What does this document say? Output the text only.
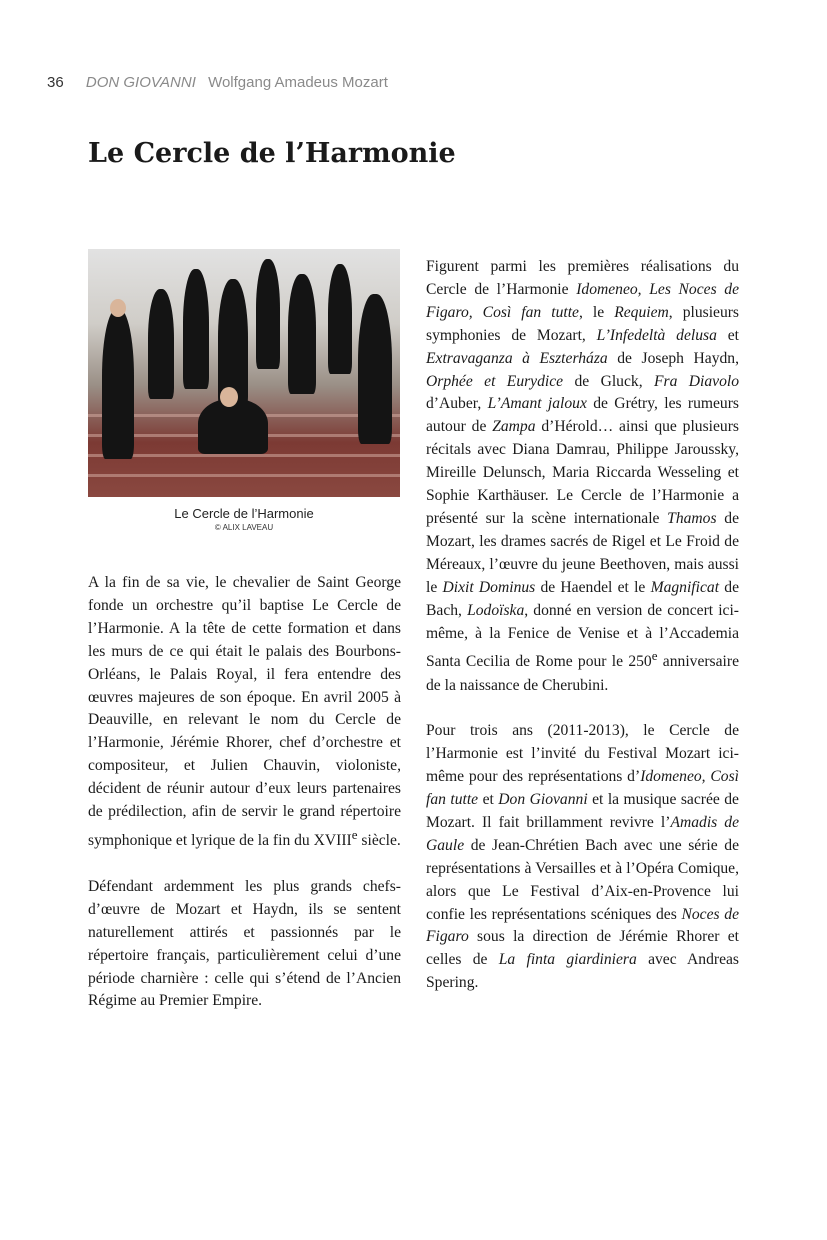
36 DON GIOVANNI Wolfgang Amadeus Mozart
Le Cercle de l’Harmonie
Le Cercle de l’Harmonie
© ALIX LAVEAU

A la fin de sa vie, le chevalier de Saint George fonde un orchestre qu’il baptise Le Cercle de l’Harmonie. A la tête de cette formation et dans les murs de ce qui était le palais des Bourbons-Orléans, le Palais Royal, il fera entendre des œuvres majeures de son époque. En avril 2005 à Deauville, en relevant le nom du Cercle de l’Harmonie, Jérémie Rhorer, chef d’orchestre et compositeur, et Julien Chauvin, violoniste, décident de réunir autour d’eux leurs partenaires de prédilection, afin de servir le grand répertoire symphonique et lyrique de la fin du XVIIIe siècle.

Défendant ardemment les plus grands chefs-d’œuvre de Mozart et Haydn, ils se sentent naturellement attirés et passionnés par le répertoire français, particulièrement celui d’une période charnière : celle qui s’étend de l’Ancien Régime au Premier Empire.

Figurent parmi les premières réalisations du Cercle de l’Harmonie Idomeneo, Les Noces de Figaro, Così fan tutte, le Requiem, plusieurs symphonies de Mozart, L’Infedeltà delusa et Extravaganza à Eszterháza de Joseph Haydn, Orphée et Eurydice de Gluck, Fra Diavolo d’Auber, L’Amant jaloux de Grétry, les rumeurs autour de Zampa d’Hérold… ainsi que plusieurs récitals avec Diana Damrau, Philippe Jaroussky, Mireille Delunsch, Maria Riccarda Wesseling et Sophie Karthäuser. Le Cercle de l’Harmonie a présenté sur la scène internationale Thamos de Mozart, les drames sacrés de Rigel et Le Froid de Méreaux, l’œuvre du jeune Beethoven, mais aussi le Dixit Dominus de Haendel et le Magnificat de Bach, Lodoïska, donné en version de concert ici-même, à la Fenice de Venise et à l’Accademia Santa Cecilia de Rome pour le 250e anniversaire de la naissance de Cherubini.

Pour trois ans (2011-2013), le Cercle de l’Harmonie est l’invité du Festival Mozart ici-même pour des représentations d’Idomeneo, Così fan tutte et Don Giovanni et la musique sacrée de Mozart. Il fait brillamment revivre l’Amadis de Gaule de Jean-Chrétien Bach avec une série de représentations à Versailles et à l’Opéra Comique, alors que Le Festival d’Aix-en-Provence lui confie les représentations scéniques des Noces de Figaro sous la direction de Jérémie Rhorer et celles de La finta giardiniera avec Andreas Spering.
